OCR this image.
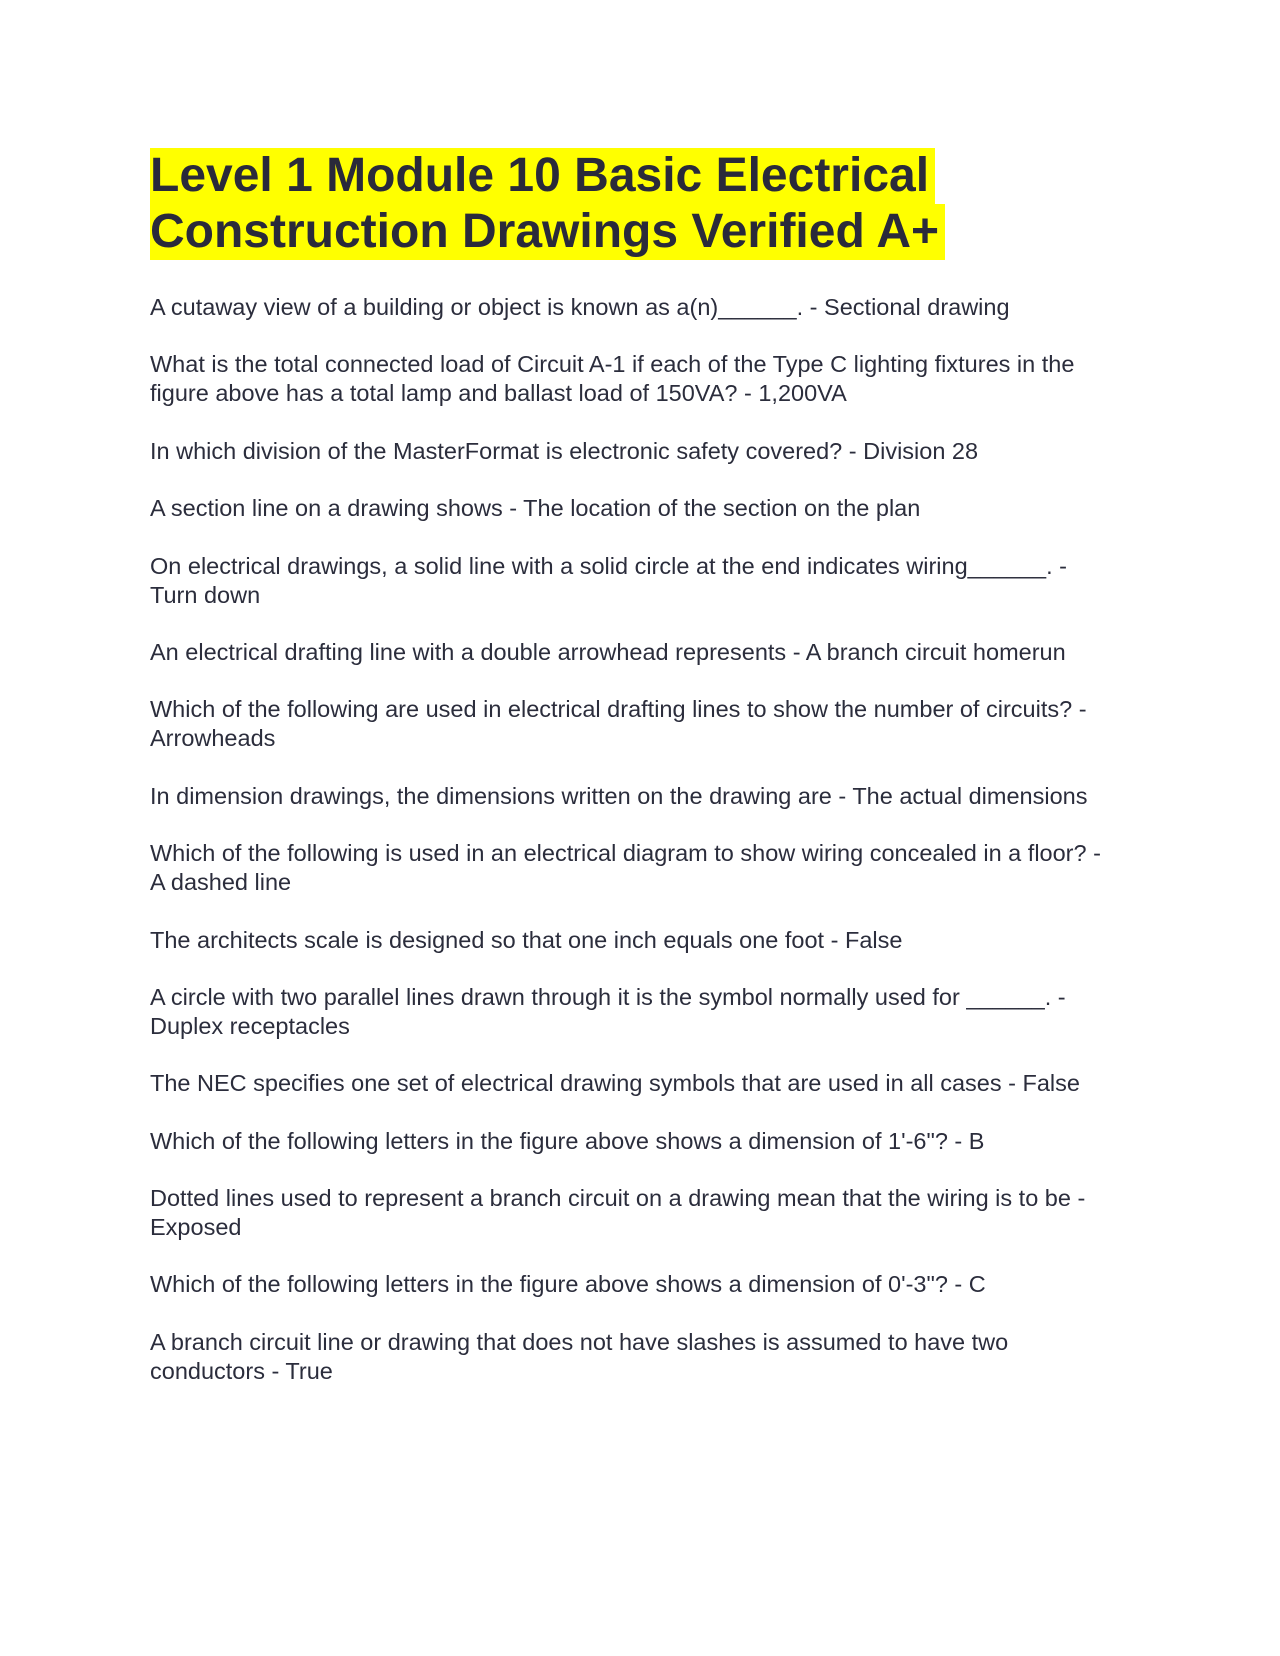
Level 1 Module 10 Basic Electrical
Construction Drawings Verified A+
A cutaway view of a building or object is known as a(n)______. - Sectional drawing
What is the total connected load of Circuit A-1 if each of the Type C lighting fixtures in the figure above has a total lamp and ballast load of 150VA? - 1,200VA
In which division of the MasterFormat is electronic safety covered? - Division 28
A section line on a drawing shows - The location of the section on the plan
On electrical drawings, a solid line with a solid circle at the end indicates wiring______. - Turn down
An electrical drafting line with a double arrowhead represents - A branch circuit homerun
Which of the following are used in electrical drafting lines to show the number of circuits? - Arrowheads
In dimension drawings, the dimensions written on the drawing are - The actual dimensions
Which of the following is used in an electrical diagram to show wiring concealed in a floor? - A dashed line
The architects scale is designed so that one inch equals one foot - False
A circle with two parallel lines drawn through it is the symbol normally used for ______. - Duplex receptacles
The NEC specifies one set of electrical drawing symbols that are used in all cases - False
Which of the following letters in the figure above shows a dimension of 1'-6"? - B
Dotted lines used to represent a branch circuit on a drawing mean that the wiring is to be - Exposed
Which of the following letters in the figure above shows a dimension of 0'-3"? - C
A branch circuit line or drawing that does not have slashes is assumed to have two conductors - True
